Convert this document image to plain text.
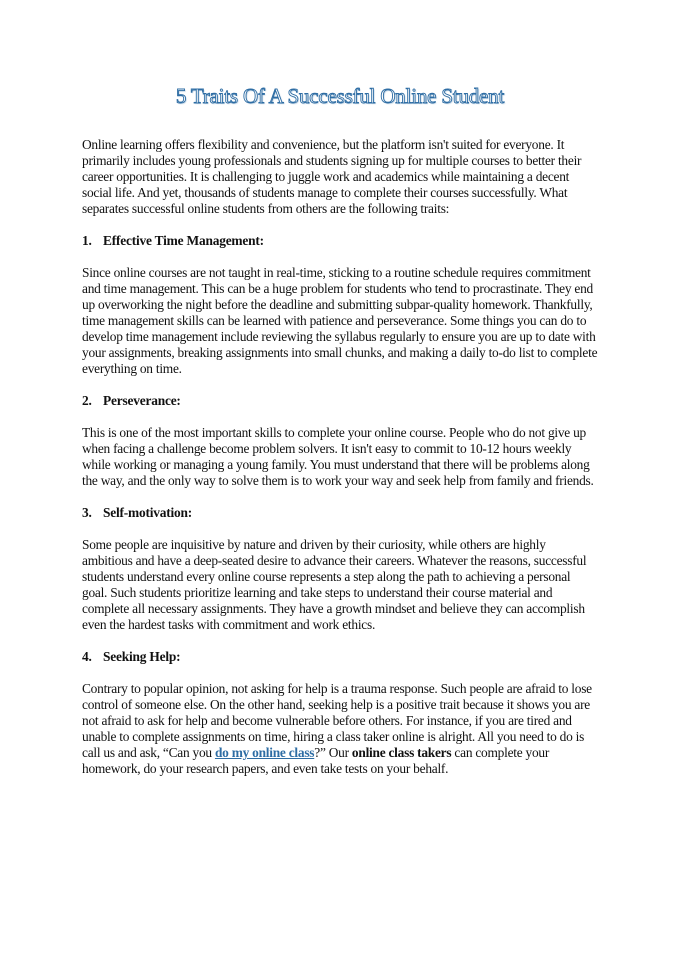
5 Traits Of A Successful Online Student

Online learning offers flexibility and convenience, but the platform isn't suited for everyone. It primarily includes young professionals and students signing up for multiple courses to better their career opportunities. It is challenging to juggle work and academics while maintaining a decent social life. And yet, thousands of students manage to complete their courses successfully. What separates successful online students from others are the following traits:

1. Effective Time Management:

Since online courses are not taught in real-time, sticking to a routine schedule requires commitment and time management. This can be a huge problem for students who tend to procrastinate. They end up overworking the night before the deadline and submitting subpar-quality homework. Thankfully, time management skills can be learned with patience and perseverance. Some things you can do to develop time management include reviewing the syllabus regularly to ensure you are up to date with your assignments, breaking assignments into small chunks, and making a daily to-do list to complete everything on time.

2. Perseverance:

This is one of the most important skills to complete your online course. People who do not give up when facing a challenge become problem solvers. It isn't easy to commit to 10-12 hours weekly while working or managing a young family. You must understand that there will be problems along the way, and the only way to solve them is to work your way and seek help from family and friends.

3. Self-motivation:

Some people are inquisitive by nature and driven by their curiosity, while others are highly ambitious and have a deep-seated desire to advance their careers. Whatever the reasons, successful students understand every online course represents a step along the path to achieving a personal goal. Such students prioritize learning and take steps to understand their course material and complete all necessary assignments. They have a growth mindset and believe they can accomplish even the hardest tasks with commitment and work ethics.

4. Seeking Help:

Contrary to popular opinion, not asking for help is a trauma response. Such people are afraid to lose control of someone else. On the other hand, seeking help is a positive trait because it shows you are not afraid to ask for help and become vulnerable before others. For instance, if you are tired and unable to complete assignments on time, hiring a class taker online is alright. All you need to do is call us and ask, “Can you do my online class?” Our online class takers can complete your homework, do your research papers, and even take tests on your behalf.
